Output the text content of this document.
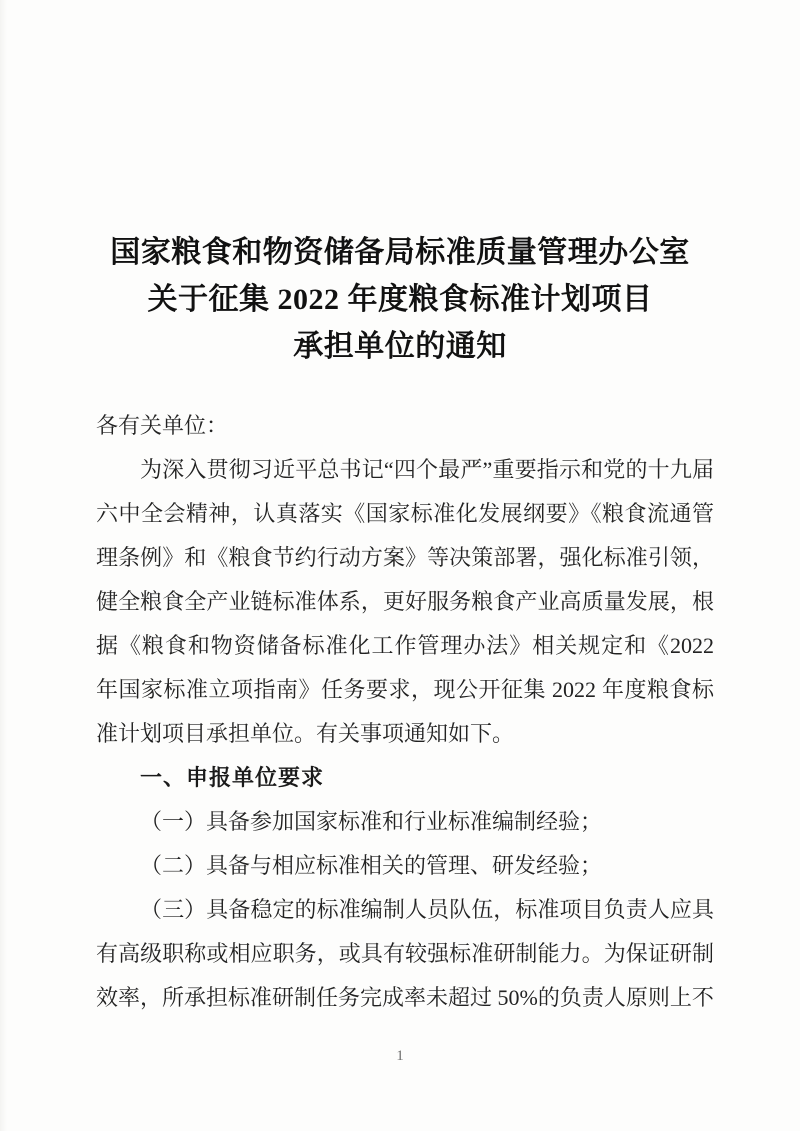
国家粮食和物资储备局标准质量管理办公室
关于征集 2022 年度粮食标准计划项目
承担单位的通知

各有关单位：

为深入贯彻习近平总书记“四个最严”重要指示和党的十九届六中全会精神，认真落实《国家标准化发展纲要》《粮食流通管理条例》和《粮食节约行动方案》等决策部署，强化标准引领，健全粮食全产业链标准体系，更好服务粮食产业高质量发展，根据《粮食和物资储备标准化工作管理办法》相关规定和《2022 年国家标准立项指南》任务要求，现公开征集 2022 年度粮食标准计划项目承担单位。有关事项通知如下。

一、申报单位要求

（一）具备参加国家标准和行业标准编制经验；

（二）具备与相应标准相关的管理、研发经验；

（三）具备稳定的标准编制人员队伍，标准项目负责人应具有高级职称或相应职务，或具有较强标准研制能力。为保证研制效率，所承担标准研制任务完成率未超过 50%的负责人原则上不

1
